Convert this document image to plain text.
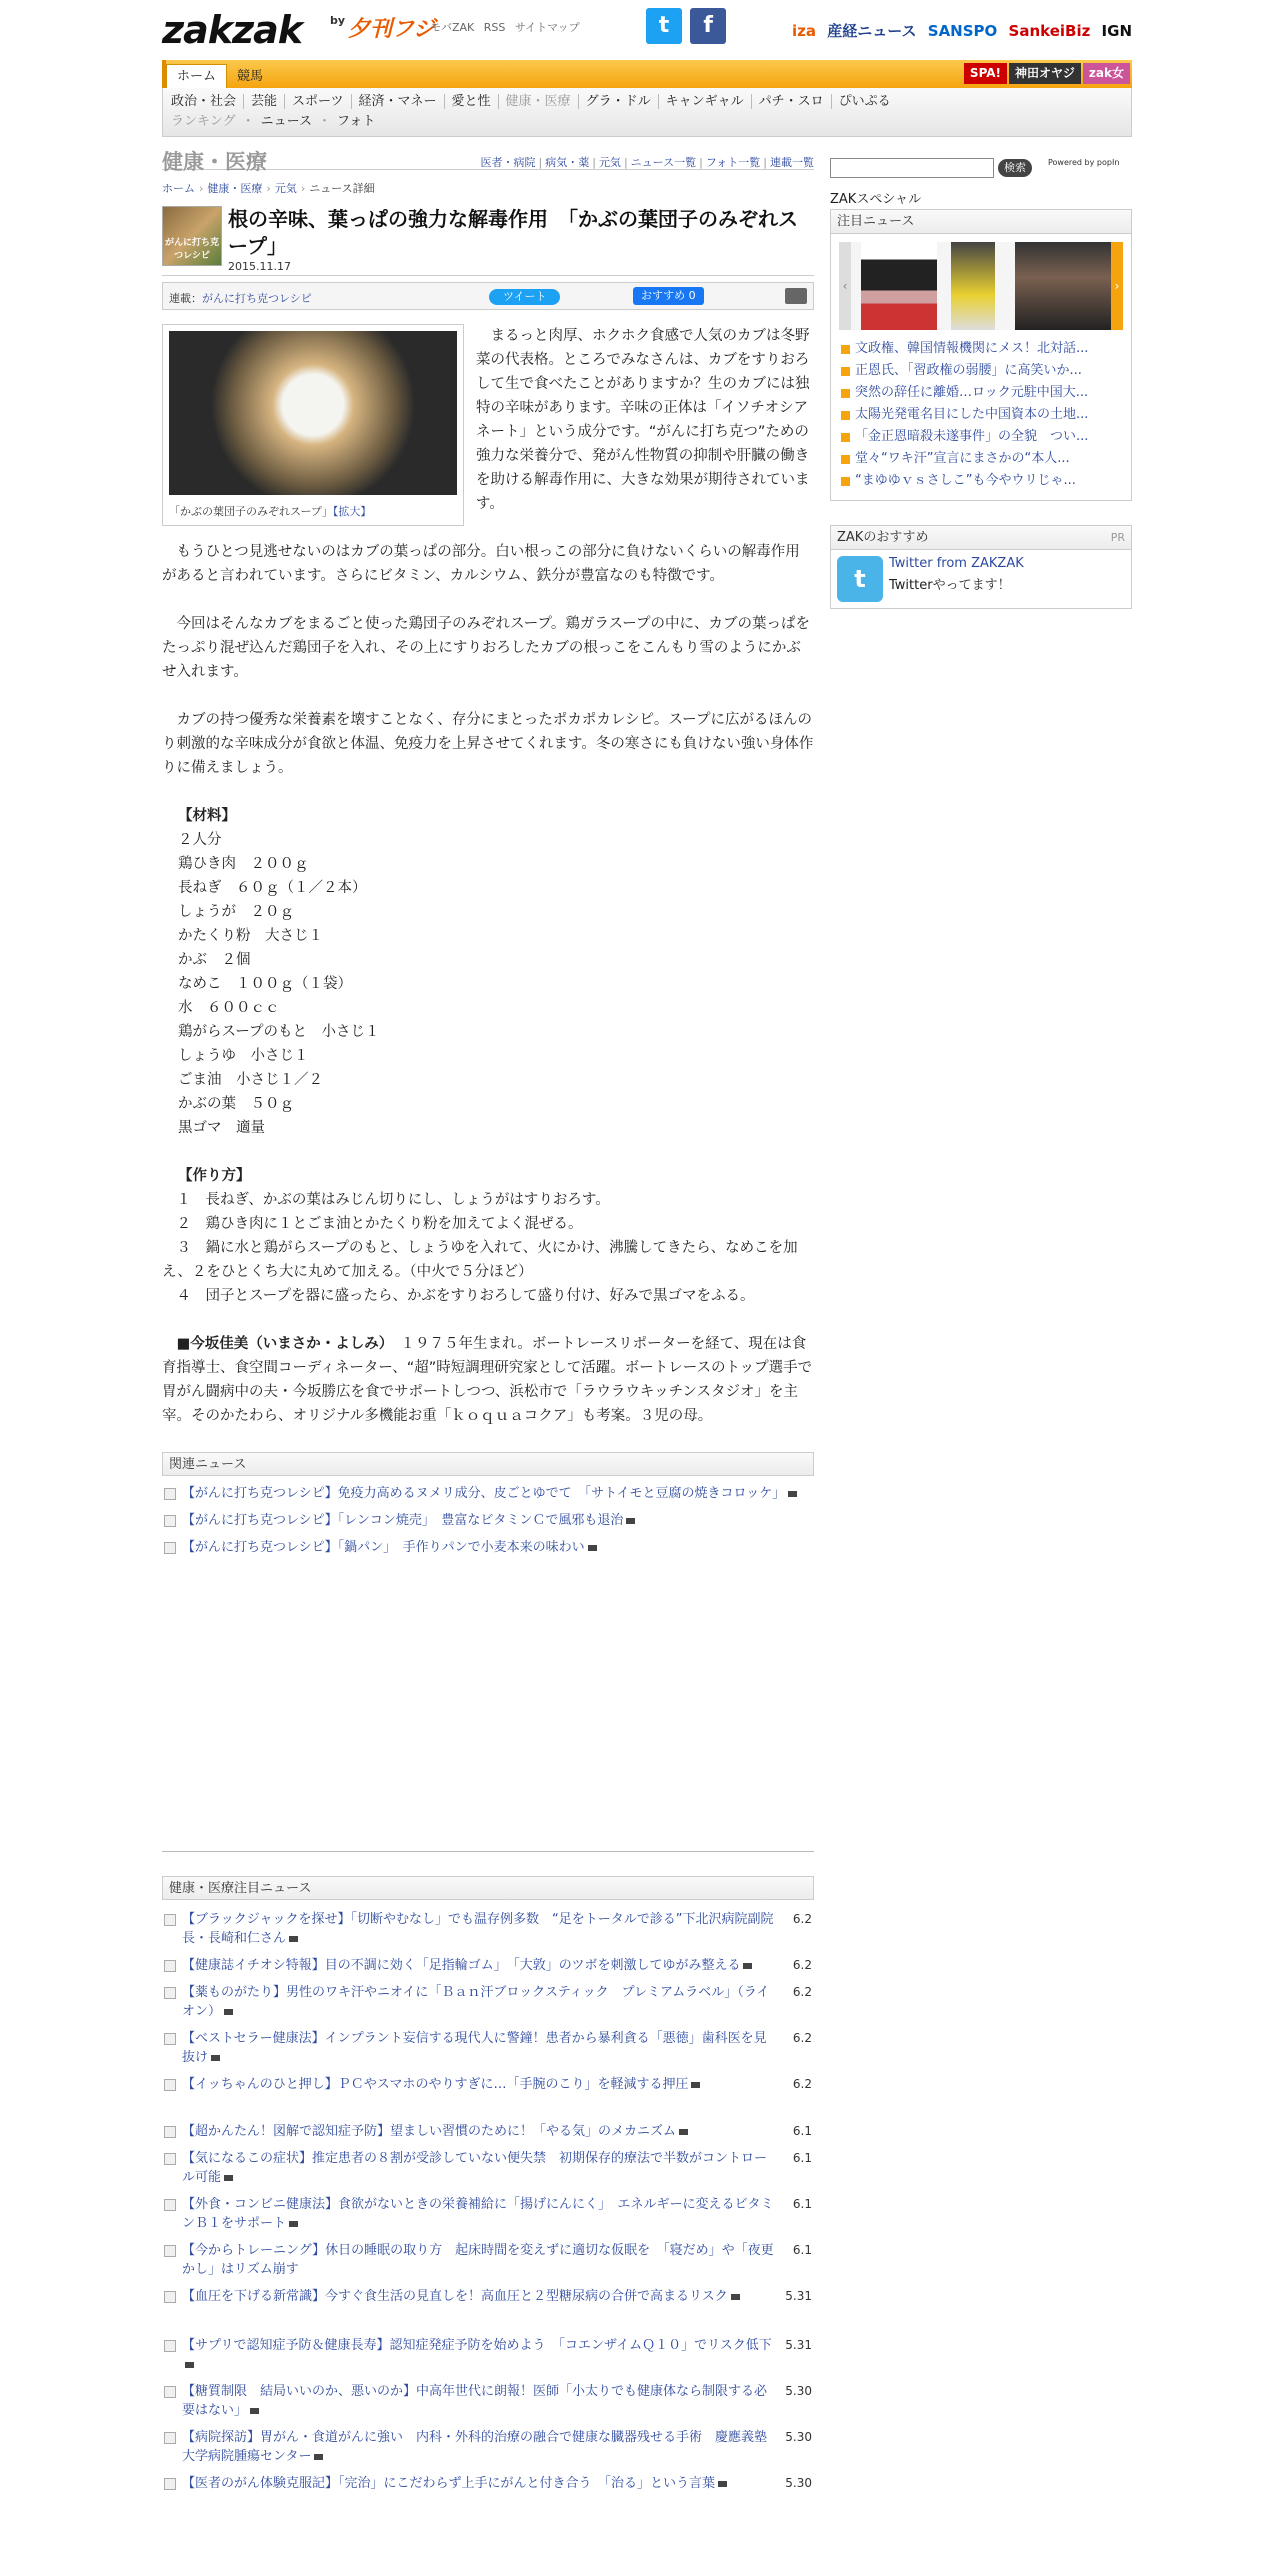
zakzak	by 夕刊フジ
モバZAK RSS サイトマップ	t f	iza 産経ニュース SANSPO SankeiBiz IGN
ホーム 競馬	SPA! 神田オヤジ zak女
政治・社会 芸能 スポーツ 経済・マネー 愛と性 健康・医療 グラ・ドル キャンギャル パチ・スロ ぴいぷる
ランキング ・ ニュース ・ フォト
健康・医療	医者・病院 | 病気・薬 | 元気 | ニュース一覧 | フォト一覧 | 連載一覧
ホーム › 健康・医療 › 元気 › ニュース詳細
がんに打ち克つレシピ
根の辛味、葉っぱの強力な解毒作用　「かぶの葉団子のみぞれスープ」
2015.11.17
連載：がんに打ち克つレシピ	ツイート	おすすめ 0
「かぶの葉団子のみぞれスープ」【拡大】

まるっと肉厚、ホクホク食感で人気のカブは冬野菜の代表格。ところでみなさんは、カブをすりおろして生で食べたことがありますか？生のカブには独特の辛味があります。辛味の正体は「イソチオシアネート」という成分です。“がんに打ち克つ”ための強力な栄養分で、発がん性物質の抑制や肝臓の働きを助ける解毒作用に、大きな効果が期待されています。

もうひとつ見逃せないのはカブの葉っぱの部分。白い根っこの部分に負けないくらいの解毒作用があると言われています。さらにビタミン、カルシウム、鉄分が豊富なのも特徴です。

今回はそんなカブをまるごと使った鶏団子のみぞれスープ。鶏ガラスープの中に、カブの葉っぱをたっぷり混ぜ込んだ鶏団子を入れ、その上にすりおろしたカブの根っこをこんもり雪のようにかぶせ入れます。

カブの持つ優秀な栄養素を壊すことなく、存分にまとったポカポカレシピ。スープに広がるほんのり刺激的な辛味成分が食欲と体温、免疫力を上昇させてくれます。冬の寒さにも負けない強い身体作りに備えましょう。

【材料】
２人分
鶏ひき肉　２００ｇ
長ねぎ　６０ｇ（１／２本）
しょうが　２０ｇ
かたくり粉　大さじ１
かぶ　２個
なめこ　１００ｇ（１袋）
水　６００ｃｃ
鶏がらスープのもと　小さじ１
しょうゆ　小さじ１
ごま油　小さじ１／２
かぶの葉　５０ｇ
黒ゴマ　適量
【作り方】
１　長ねぎ、かぶの葉はみじん切りにし、しょうがはすりおろす。
２　鶏ひき肉に１とごま油とかたくり粉を加えてよく混ぜる。
３　鍋に水と鶏がらスープのもと、しょうゆを入れて、火にかけ、沸騰してきたら、なめこを加え、２をひとくち大に丸めて加える。（中火で５分ほど）
４　団子とスープを器に盛ったら、かぶをすりおろして盛り付け、好みで黒ゴマをふる。

■今坂佳美（いまさか・よしみ）　１９７５年生まれ。ボートレースリポーターを経て、現在は食育指導士、食空間コーディネーター、“超”時短調理研究家として活躍。ボートレースのトップ選手で胃がん闘病中の夫・今坂勝広を食でサポートしつつ、浜松市で「ラウラウキッチンスタジオ」を主宰。そのかたわら、オリジナル多機能お重「ｋｏｑｕａコクア」も考案。３児の母。

関連ニュース
【がんに打ち克つレシピ】免疫力高めるヌメリ成分、皮ごとゆでて　「サトイモと豆腐の焼きコロッケ」
【がんに打ち克つレシピ】「レンコン焼売」　豊富なビタミンＣで風邪も退治
【がんに打ち克つレシピ】「鍋パン」　手作りパンで小麦本来の味わい
健康・医療注目ニュース
【ブラックジャックを探せ】「切断やむなし」でも温存例多数　“足をトータルで診る”下北沢病院副院長・長崎和仁さん
6.2
【健康誌イチオシ特報】目の不調に効く「足指輪ゴム」　「大敦」のツボを刺激してゆがみ整える	6.2
【薬ものがたり】男性のワキ汗やニオイに「Ｂａｎ汗ブロックスティック　プレミアムラベル」（ライオン）
6.2
【ベストセラー健康法】インプラント妄信する現代人に警鐘！患者から暴利貪る「悪徳」歯科医を見抜け
6.2
【イッちゃんのひと押し】ＰＣやスマホのやりすぎに…「手腕のこり」を軽減する押圧	6.2
【超かんたん！図解で認知症予防】望ましい習慣のために！「やる気」のメカニズム	6.1
【気になるこの症状】推定患者の８割が受診していない便失禁　初期保存的療法で半数がコントロール可能
6.1
【外食・コンビニ健康法】食欲がないときの栄養補給に「揚げにんにく」　エネルギーに変えるビタミンＢ１をサポート
6.1
【今からトレーニング】休日の睡眠の取り方　起床時間を変えずに適切な仮眠を　「寝だめ」や「夜更かし」はリズム崩す
6.1
【血圧を下げる新常識】今すぐ食生活の見直しを！高血圧と２型糖尿病の合併で高まるリスク	5.31
【サプリで認知症予防＆健康長寿】認知症発症予防を始めよう　「コエンザイムＱ１０」でリスク低下 5.31
【糖質制限　結局いいのか、悪いのか】中高年世代に朗報！医師「小太りでも健康体なら制限する必要はない」
5.30
【病院探訪】胃がん・食道がんに強い　内科・外科的治療の融合で健康な臓器残せる手術　慶應義塾大学病院腫瘍センター
5.30
【医者のがん体験克服記】「完治」にこだわらず上手にがんと付き合う　「治る」という言葉	5.30
検索	Powered by popIn
ZAKスペシャル
注目ニュース
‹	›
文政権、韓国情報機関にメス！北対話...
正恩氏、「習政権の弱腰」に高笑いか...
突然の辞任に離婚…ロック元駐中国大...
太陽光発電名目にした中国資本の土地...
「金正恩暗殺未遂事件」の全貌　つい...
堂々“ワキ汗”宣言にまさかの“本人...
“まゆゆｖｓさしこ”も今やウリじゃ...
ZAKのおすすめ	PR
t
Twitter from ZAKZAK
Twitterやってます！
